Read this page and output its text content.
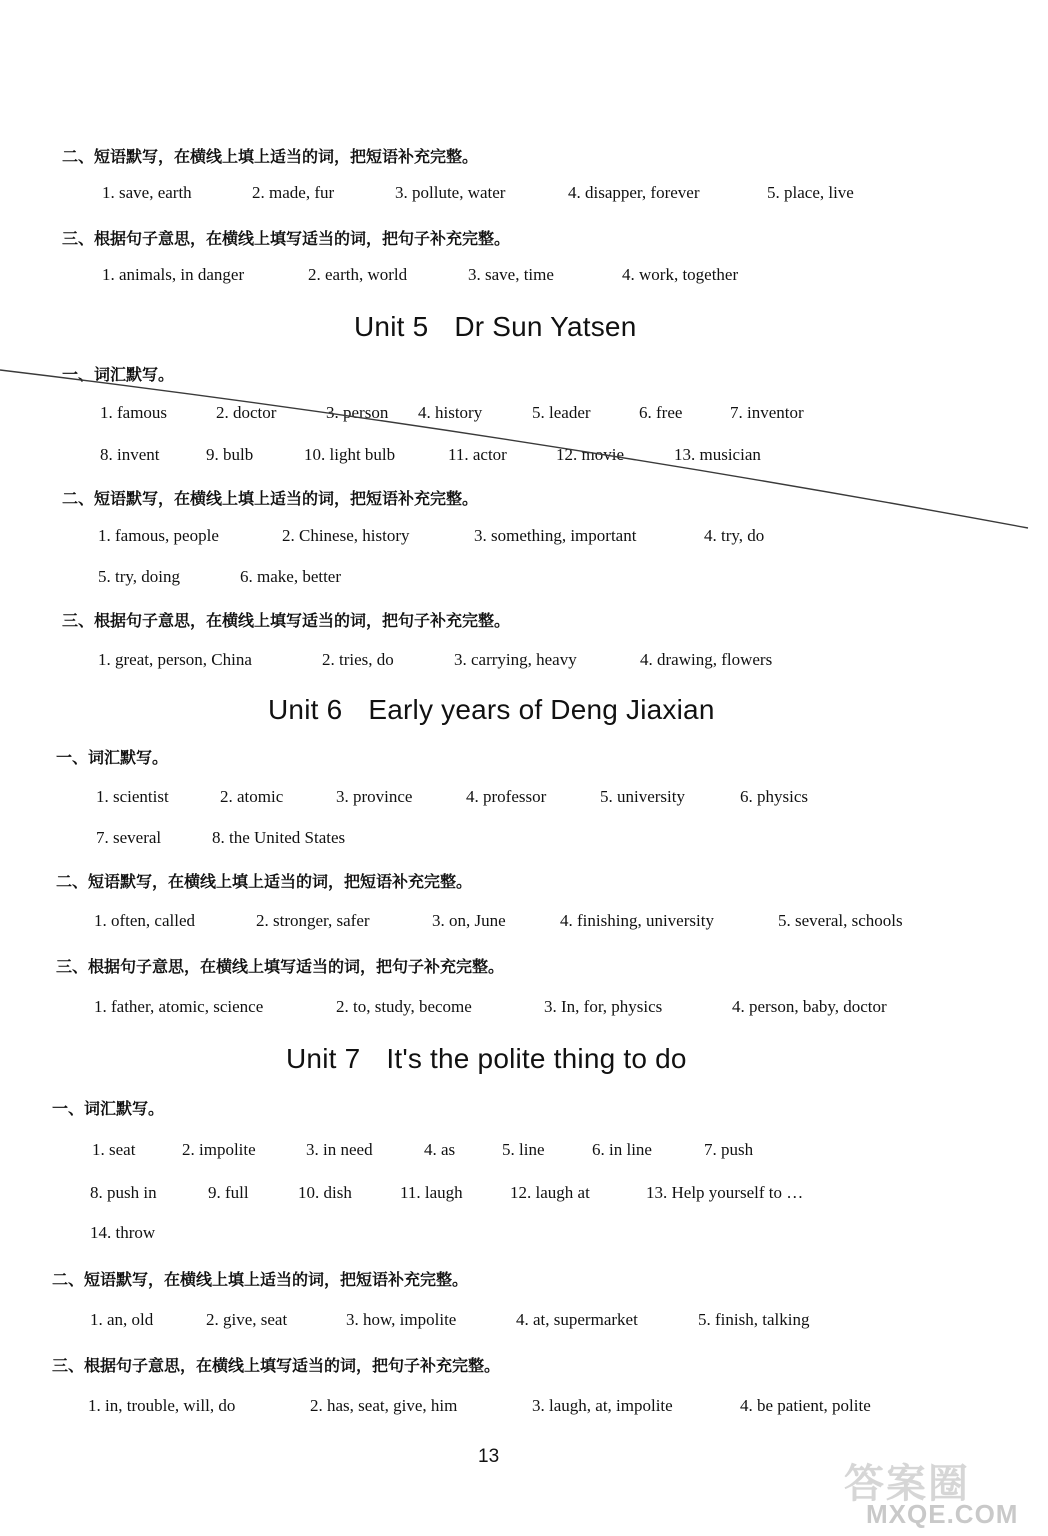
二、短语默写，在横线上填上适当的词，把短语补充完整。
1. save, earth	2. made, fur	3. pollute, water	4. disapper, forever	5. place, live
三、根据句子意思，在横线上填写适当的词，把句子补充完整。
1. animals, in danger	2. earth, world	3. save, time	4. work, together
Unit 5 Dr Sun Yatsen
一、词汇默写。
1. famous	2. doctor	3. person 4. history	5. leader	6. free	7. inventor
8. invent	9. bulb	10. light bulb	11. actor	12. movie	13. musician
二、短语默写，在横线上填上适当的词，把短语补充完整。
1. famous, people	2. Chinese, history	3. something, important	4. try, do
5. try, doing	6. make, better
三、根据句子意思，在横线上填写适当的词，把句子补充完整。
1. great, person, China	2. tries, do	3. carrying, heavy	4. drawing, flowers
Unit 6 Early years of Deng Jiaxian
一、词汇默写。
1. scientist	2. atomic	3. province	4. professor	5. university	6. physics
7. several	8. the United States
二、短语默写，在横线上填上适当的词，把短语补充完整。
1. often, called	2. stronger, safer	3. on, June	4. finishing, university	5. several, schools
三、根据句子意思，在横线上填写适当的词，把句子补充完整。
1. father, atomic, science	2. to, study, become	3. In, for, physics	4. person, baby, doctor
Unit 7 It's the polite thing to do
一、词汇默写。
1. seat	2. impolite	3. in need	4. as	5. line	6. in line	7. push
8. push in	9. full	10. dish	11. laugh	12. laugh at	13. Help yourself to …
14. throw
二、短语默写，在横线上填上适当的词，把短语补充完整。
1. an, old	2. give, seat	3. how, impolite	4. at, supermarket	5. finish, talking
三、根据句子意思，在横线上填写适当的词，把句子补充完整。
1. in, trouble, will, do	2. has, seat, give, him	3. laugh, at, impolite	4. be patient, polite
13
答案圈
MXQE.COM
